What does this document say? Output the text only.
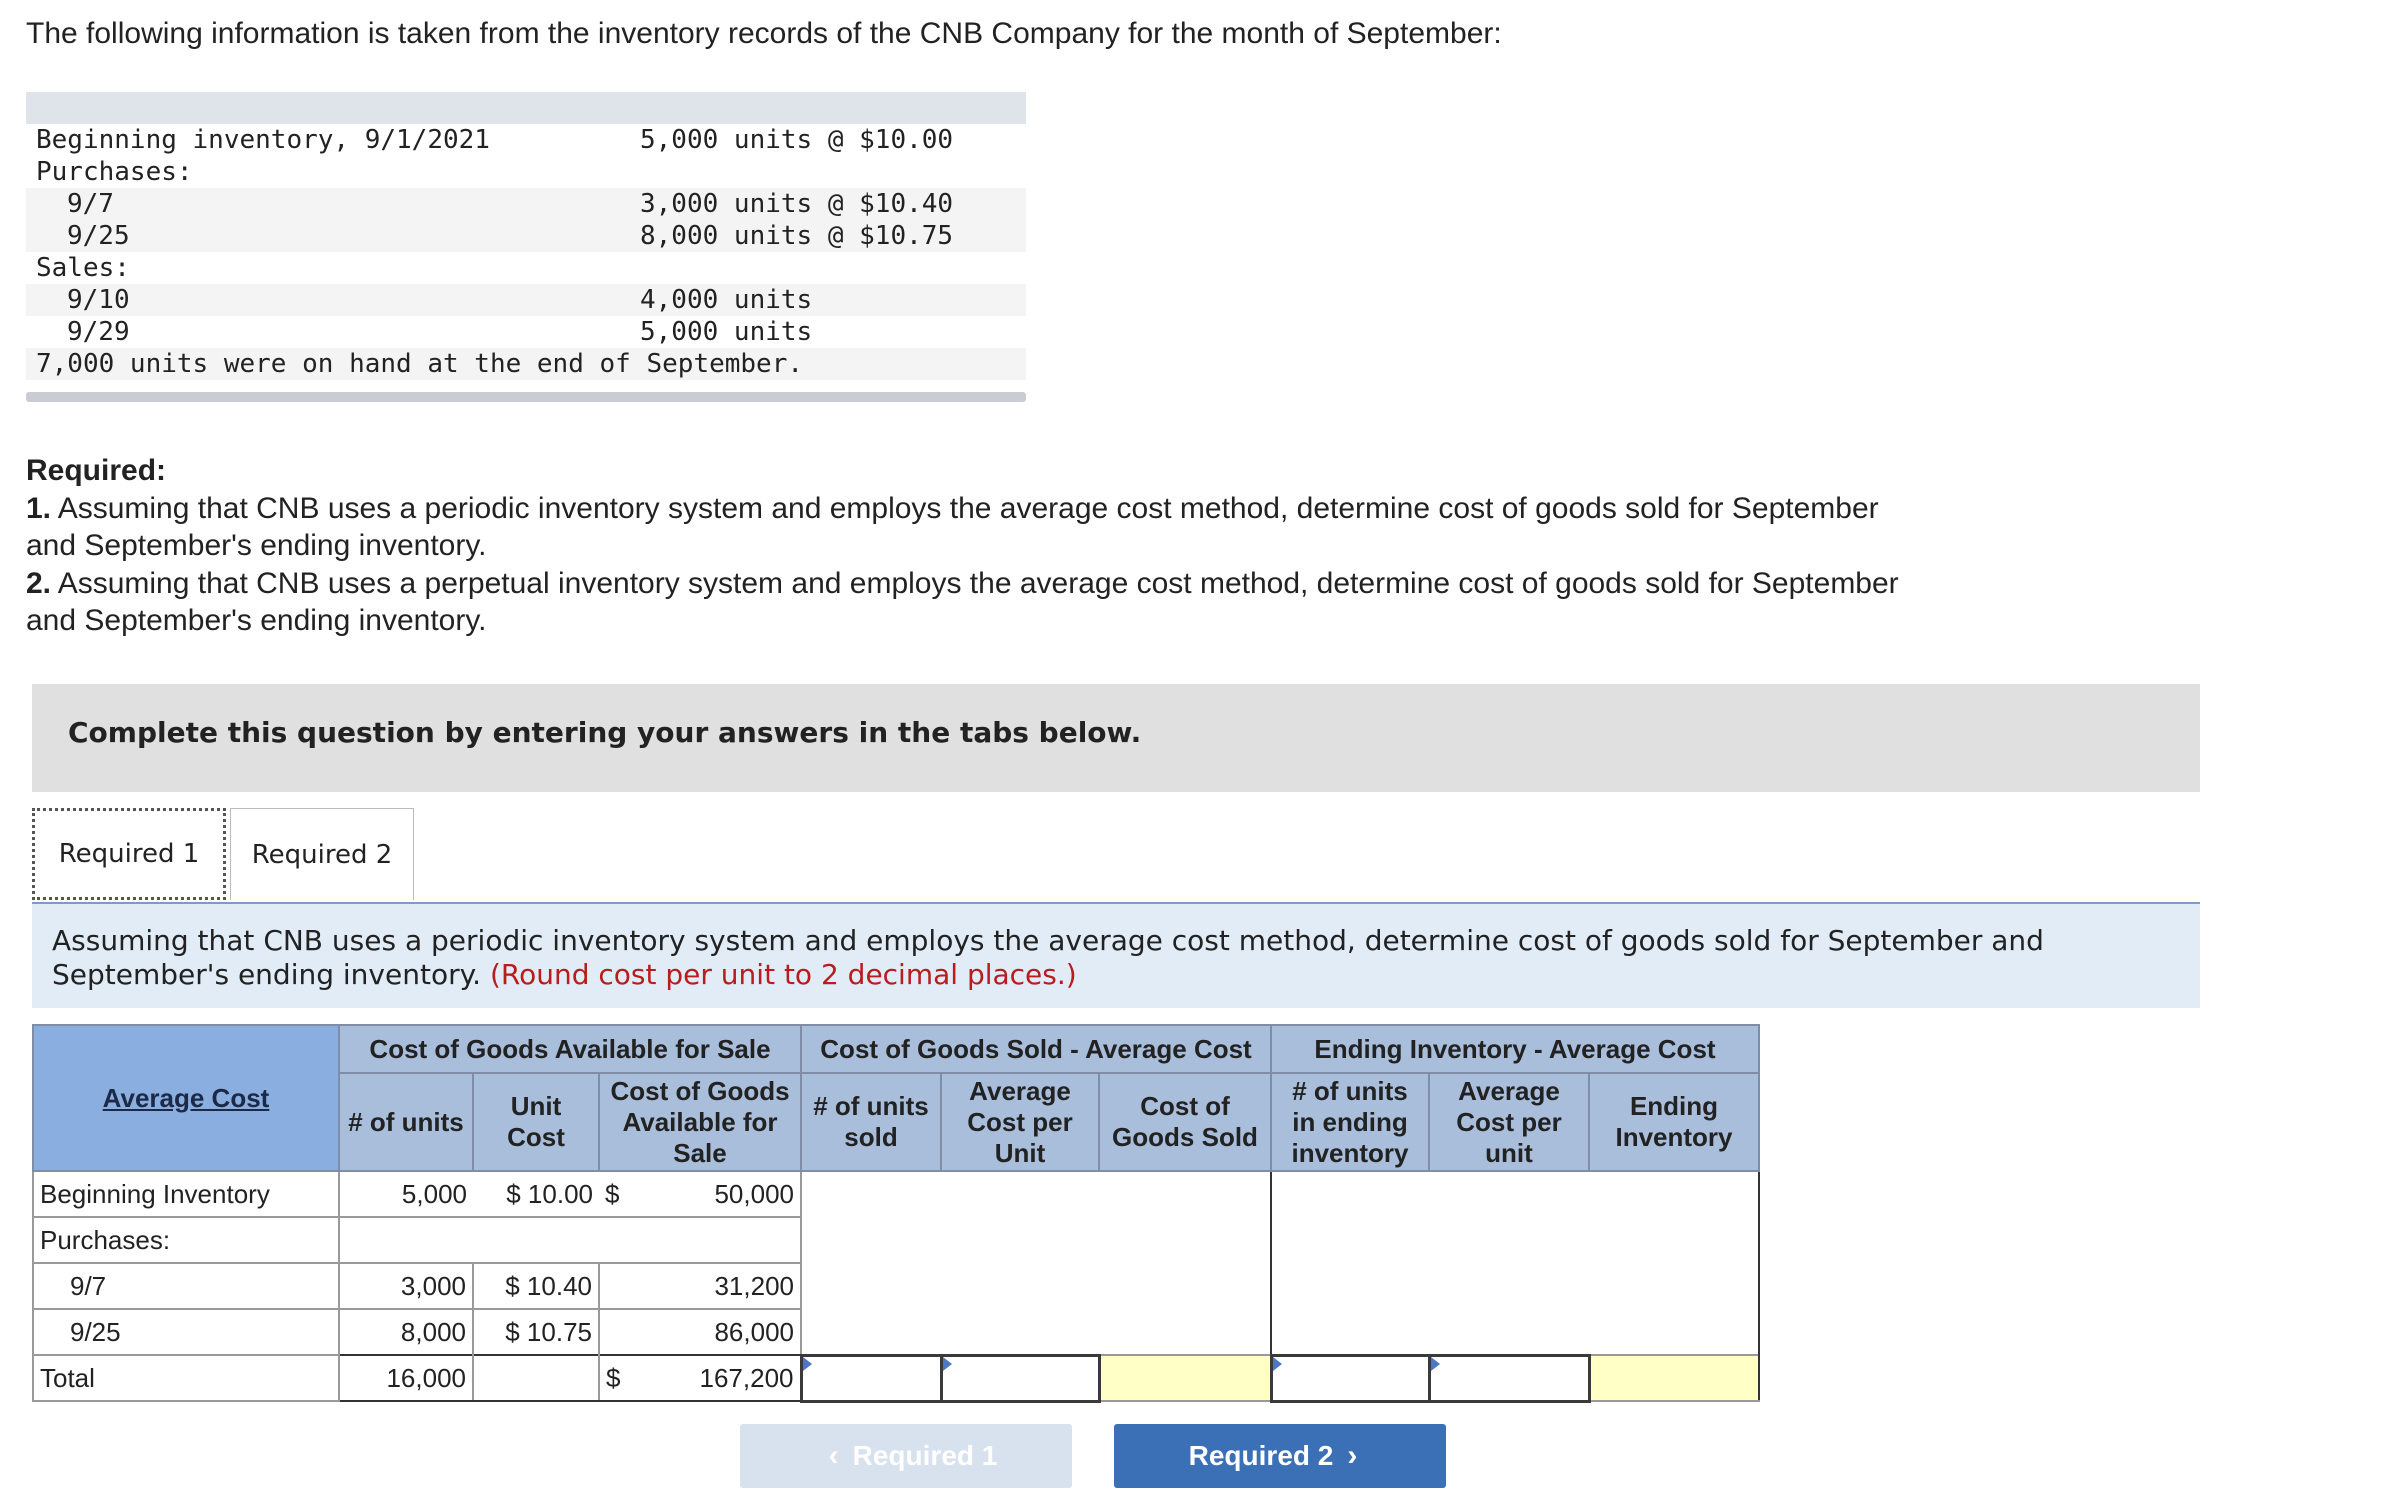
The following information is taken from the inventory records of the CNB Company for the month of September:
Beginning inventory, 9/1/2021	5,000 units @ $10.00
Purchases:
9/7	3,000 units @ $10.40
9/25	8,000 units @ $10.75
Sales:
9/10	4,000 units
9/29	5,000 units
7,000 units were on hand at the end of September.
Required:
1. Assuming that CNB uses a periodic inventory system and employs the average cost method, determine cost of goods sold for September and September's ending inventory.
2. Assuming that CNB uses a perpetual inventory system and employs the average cost method, determine cost of goods sold for September and September's ending inventory.
Complete this question by entering your answers in the tabs below.
Required 1	Required 2
Assuming that CNB uses a periodic inventory system and employs the average cost method, determine cost of goods sold for September and September's ending inventory. (Round cost per unit to 2 decimal places.)
Average Cost	Cost of Goods Available for Sale			Cost of Goods Sold - Average Cost			Ending Inventory - Average Cost		
	# of units	Unit Cost	Cost of Goods Available for Sale	# of units sold	Average Cost per Unit	Cost of Goods Sold	# of units in ending inventory	Average Cost per unit	Ending Inventory
Beginning Inventory	5,000	$ 10.00	$ 50,000						
Purchases:									
9/7	3,000	$ 10.40	31,200						
9/25	8,000	$ 10.75	86,000						
Total	16,000		$ 167,200						
‹ Required 1	Required 2 ›
